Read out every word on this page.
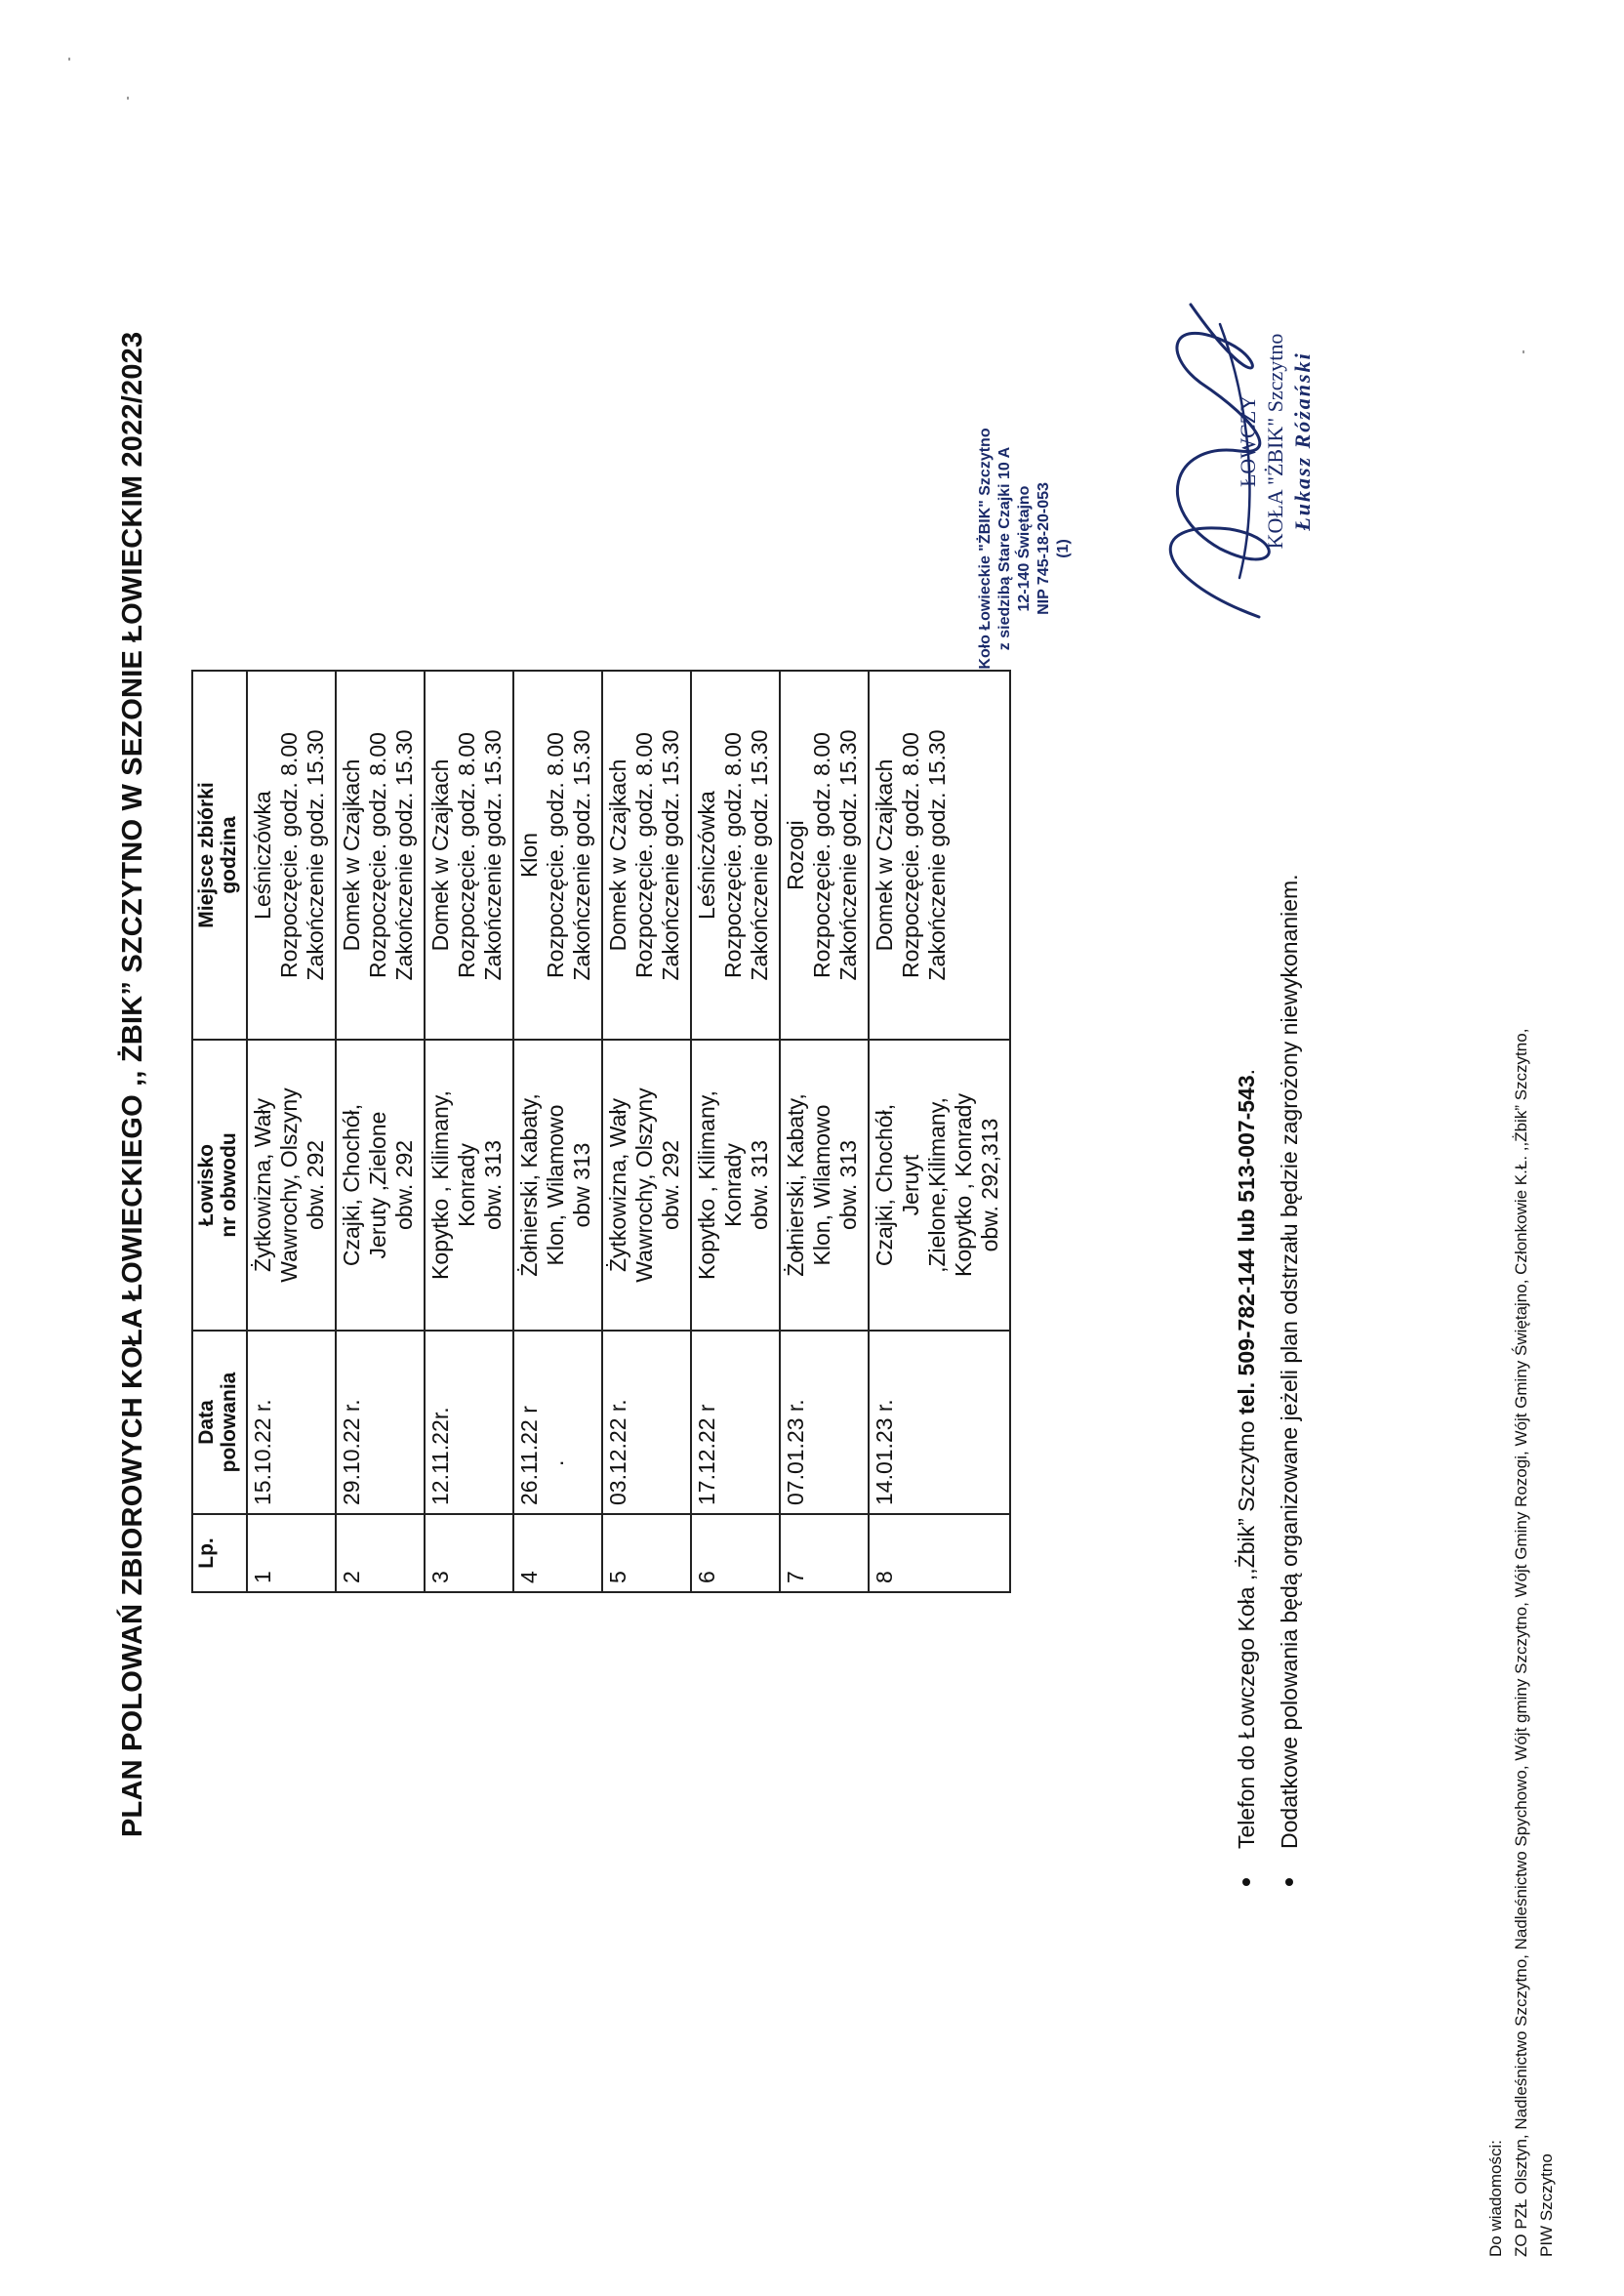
PLAN POLOWAŃ ZBIOROWYCH KOŁA ŁOWIECKIEGO ,, ŻBIK” SZCZYTNO W SEZONIE ŁOWIECKIM 2022/2023 Lp.	Data polowania	Łowisko nr obwodu	Miejsce zbiórki godzina

1	15.10.22 r.	Żytkowizna, Wały Wawrochy, Olszyny obw. 292	Leśniczówka Rozpoczęcie. godz. 8.00 Zakończenie godz. 15.30

2	29.10.22 r.	Czajki, Chochół, Jeruty ,Zielone obw. 292	Domek w Czajkach Rozpoczęcie. godz. 8.00 Zakończenie godz. 15.30

3	12.11.22r.	Kopytko , Kilimany, Konrady obw. 313	Domek w Czajkach Rozpoczęcie. godz. 8.00 Zakończenie godz. 15.30

4	26.11.22 r .	Żołnierski, Kabaty, Klon, Wilamowo obw 313	Klon Rozpoczęcie. godz. 8.00 Zakończenie godz. 15.30

5	03.12.22 r.	Żytkowizna, Wały Wawrochy, Olszyny obw. 292	Domek w Czajkach Rozpoczęcie. godz. 8.00 Zakończenie godz. 15.30

6	17.12.22 r	Kopytko , Kilimany, Konrady obw. 313	Leśniczówka Rozpoczęcie. godz. 8.00 Zakończenie godz. 15.30

7	07.01.23 r.	Żołnierski, Kabaty, Klon, Wilamowo obw. 313	Rozogi Rozpoczęcie. godz. 8.00 Zakończenie godz. 15.30

8	14.01.23 r.	Czajki, Chochół, Jeruyt ,Zielone,Kilimany, Kopytko , Konrady obw. 292,313	Domek w Czajkach Rozpoczęcie. godz. 8.00 Zakończenie godz. 15.30
Telefon do Łowczego Koła ,,Żbik” Szczytno tel. 509-782-144 lub 513-007-543. Dodatkowe polowania będą organizowane jeżeli plan odstrzału będzie zagrożony niewykonaniem.
Do wiadomości: ZO PZŁ Olsztyn, Nadleśnictwo Szczytno, Nadleśnictwo Spychowo, Wójt gminy Szczytno, Wójt Gminy Rozogi, Wójt Gminy Świętajno, Członkowie K.Ł. ,,Żbik” Szczytno, PIW Szczytno
Koło Łowieckie "ŻBIK" Szczytno z siedzibą Stare Czajki 10 A 12-140 Świętajno NIP 745-18-20-053 (1)
ŁOWCZY KOŁA "ŻBIK" Szczytno Łukasz Różański
